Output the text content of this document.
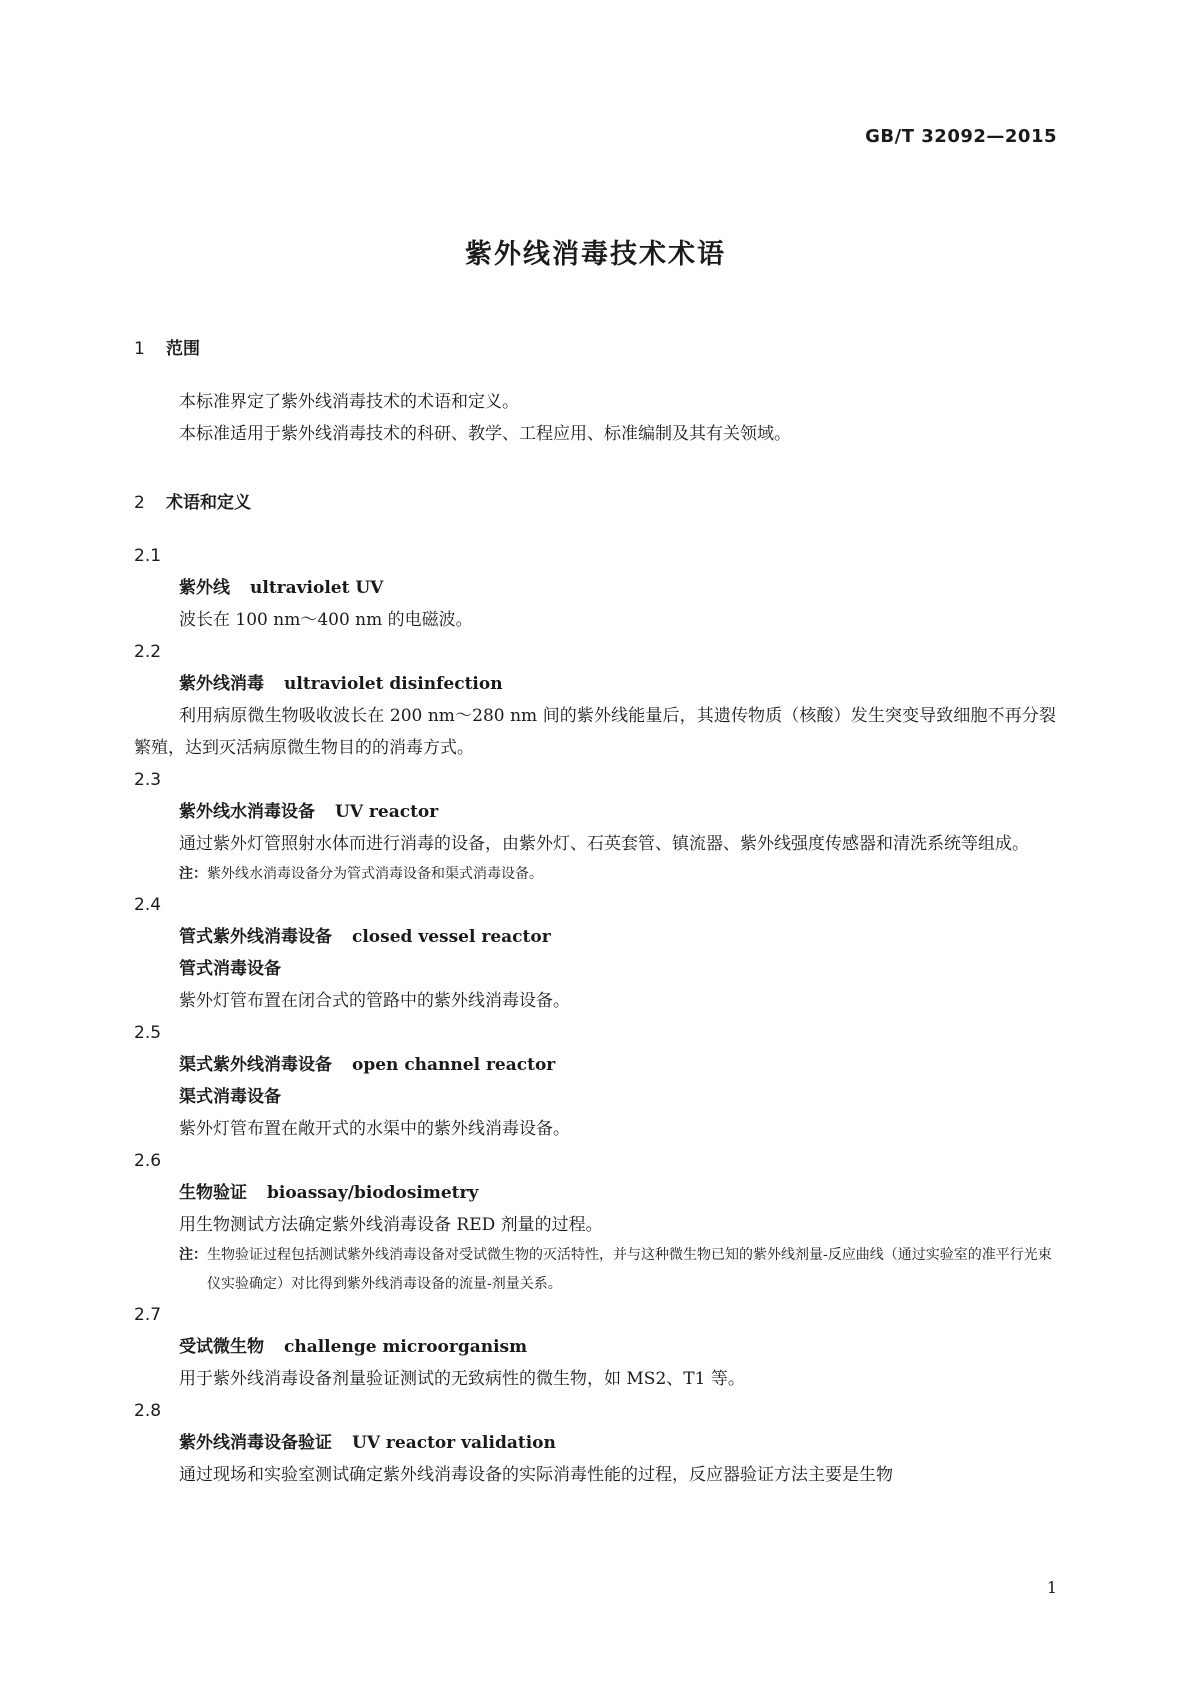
GB/T 32092—2015
紫外线消毒技术术语
1 范围

本标准界定了紫外线消毒技术的术语和定义。

本标准适用于紫外线消毒技术的科研、教学、工程应用、标准编制及其有关领域。

2 术语和定义
2.1
紫外线 ultraviolet UV

波长在 100 nm～400 nm 的电磁波。

2.2
紫外线消毒 ultraviolet disinfection

利用病原微生物吸收波长在 200 nm～280 nm 间的紫外线能量后，其遗传物质（核酸）发生突变导致细胞不再分裂繁殖，达到灭活病原微生物目的的消毒方式。

2.3
紫外线水消毒设备 UV reactor

通过紫外灯管照射水体而进行消毒的设备，由紫外灯、石英套管、镇流器、紫外线强度传感器和清洗系统等组成。

注：紫外线水消毒设备分为管式消毒设备和渠式消毒设备。

2.4
管式紫外线消毒设备 closed vessel reactor
管式消毒设备

紫外灯管布置在闭合式的管路中的紫外线消毒设备。

2.5
渠式紫外线消毒设备 open channel reactor
渠式消毒设备

紫外灯管布置在敞开式的水渠中的紫外线消毒设备。

2.6
生物验证 bioassay/biodosimetry

用生物测试方法确定紫外线消毒设备 RED 剂量的过程。

注： 生物验证过程包括测试紫外线消毒设备对受试微生物的灭活特性，并与这种微生物已知的紫外线剂量-反应曲线（通过实验室的准平行光束仪实验确定）对比得到紫外线消毒设备的流量-剂量关系。

2.7
受试微生物 challenge microorganism

用于紫外线消毒设备剂量验证测试的无致病性的微生物，如 MS2、T1 等。

2.8
紫外线消毒设备验证 UV reactor validation

通过现场和实验室测试确定紫外线消毒设备的实际消毒性能的过程，反应器验证方法主要是生物

1
